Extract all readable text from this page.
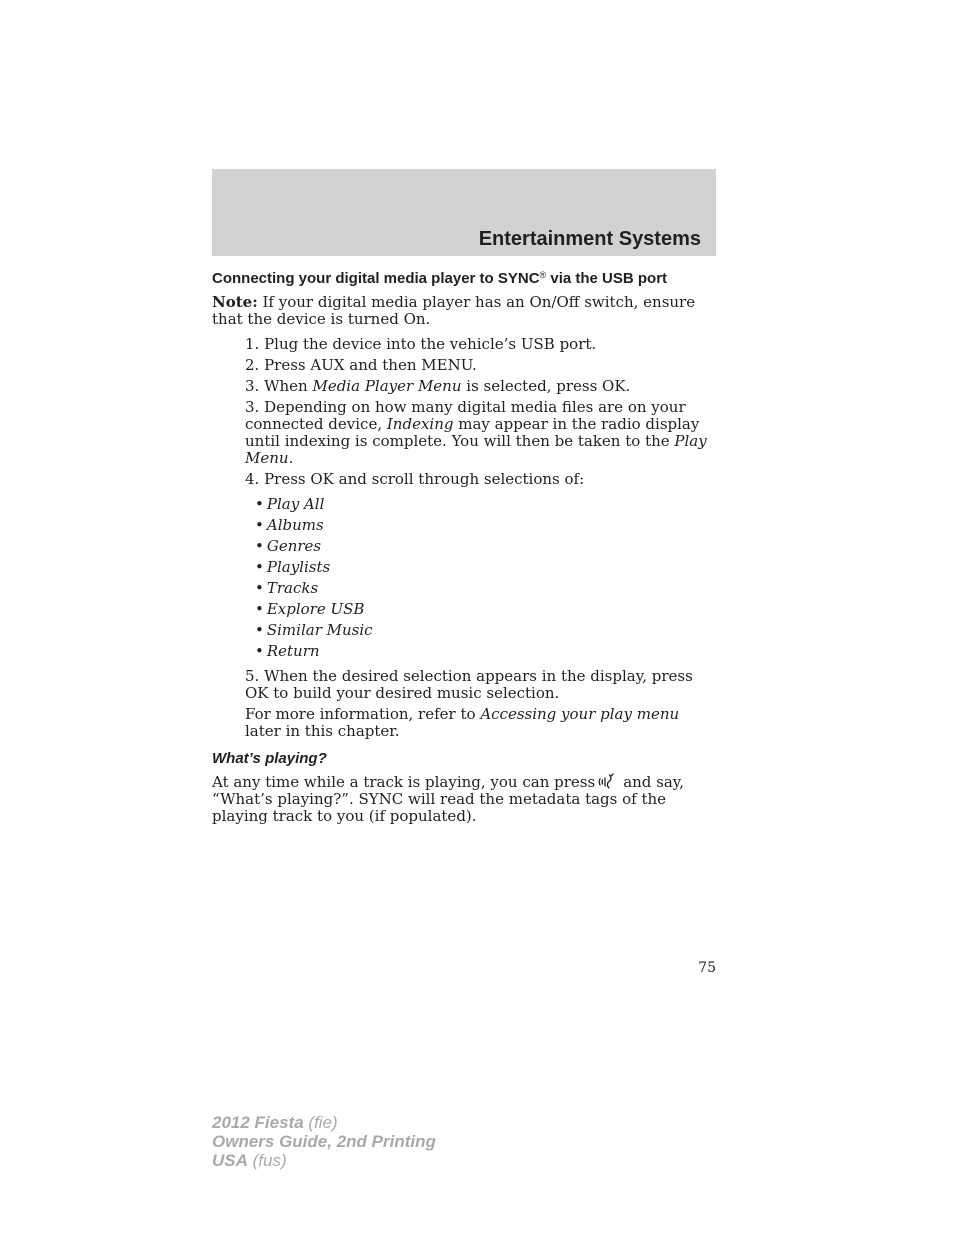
Entertainment Systems
Connecting your digital media player to SYNC® via the USB port

Note: If your digital media player has an On/Off switch, ensure that the device is turned On.

1. Plug the device into the vehicle’s USB port.

2. Press AUX and then MENU.

3. When Media Player Menu is selected, press OK.

3. Depending on how many digital media files are on your connected device, Indexing may appear in the radio display until indexing is complete. You will then be taken to the Play Menu.

4. Press OK and scroll through selections of:

• Play All
• Albums
• Genres
• Playlists
• Tracks
• Explore USB
• Similar Music
• Return

5. When the desired selection appears in the display, press OK to build your desired music selection.

For more information, refer to Accessing your play menu later in this chapter.

What’s playing?

At any time while a track is playing, you can press and say, “What’s playing?”. SYNC will read the metadata tags of the playing track to you (if populated).

75
2012 Fiesta (fie)
Owners Guide, 2nd Printing
USA (fus)
